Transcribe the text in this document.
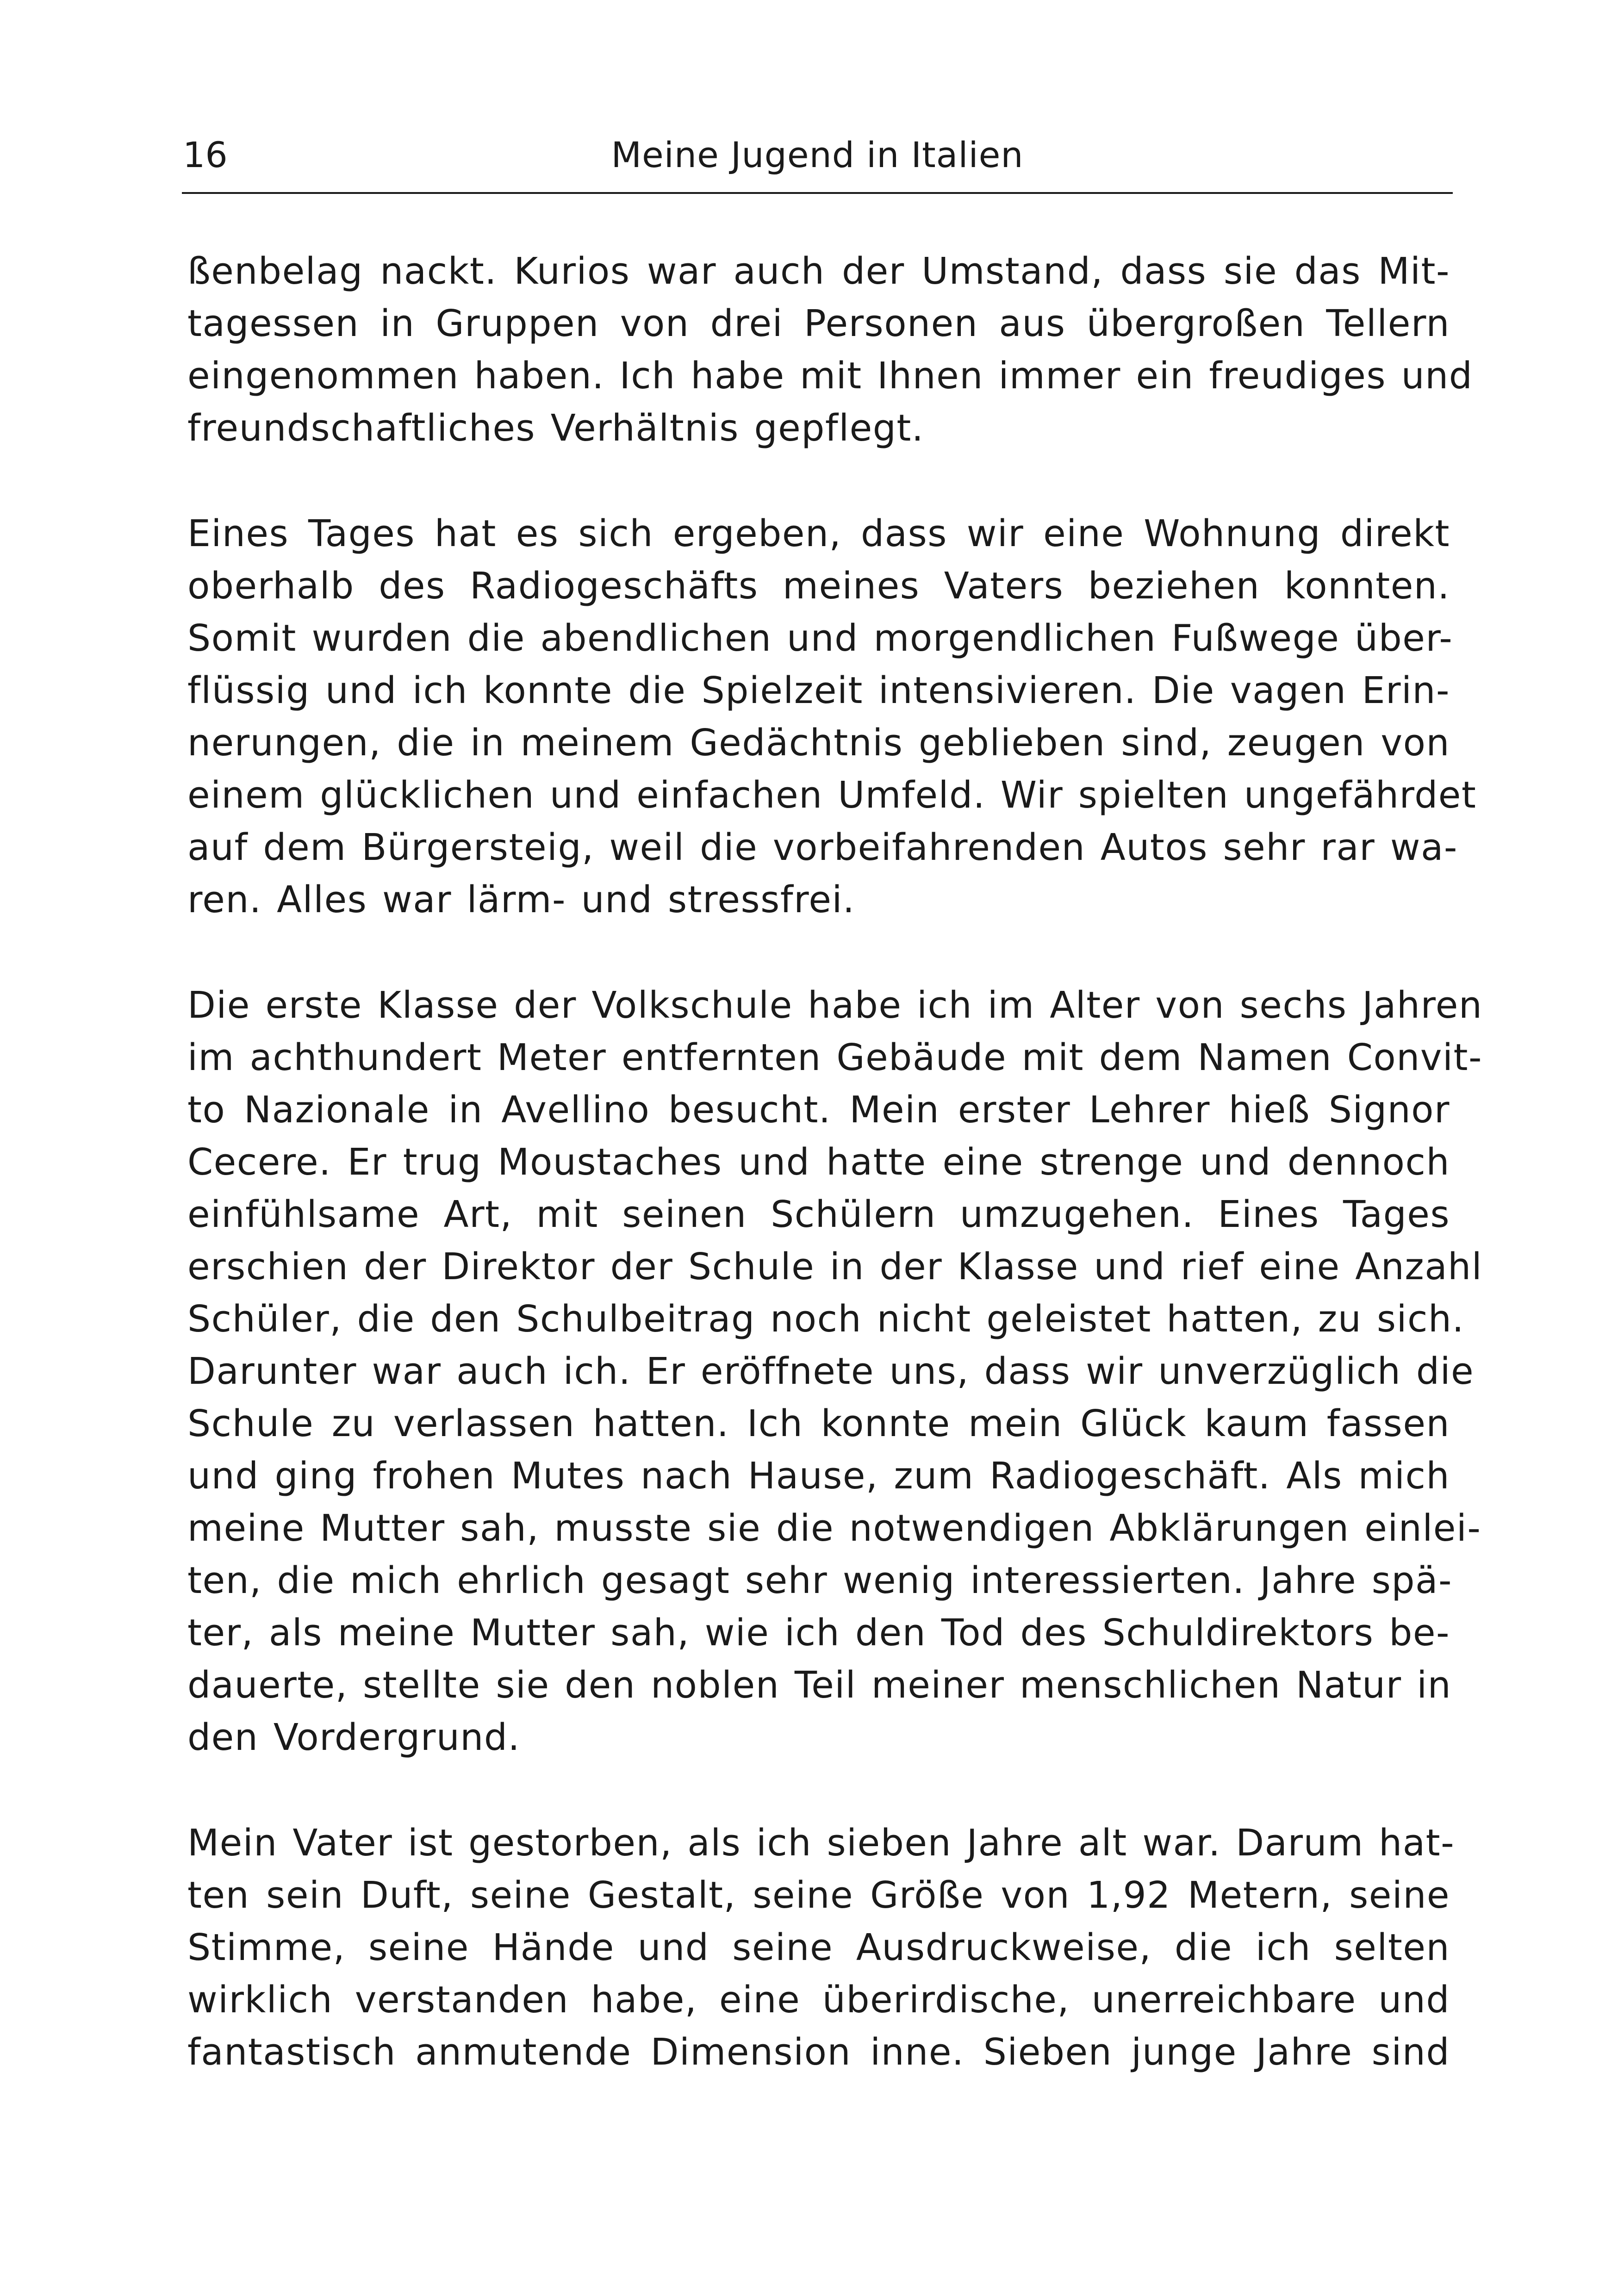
16	Meine Jugend in Italien

ßenbelag nackt. Kurios war auch der Umstand, dass sie das Mit-
tagessen in Gruppen von drei Personen aus übergroßen Tellern
eingenommen haben. Ich habe mit Ihnen immer ein freudiges und
freundschaftliches Verhältnis gepflegt.

Eines Tages hat es sich ergeben, dass wir eine Wohnung direkt
oberhalb des Radiogeschäfts meines Vaters beziehen konnten.
Somit wurden die abendlichen und morgendlichen Fußwege über-
flüssig und ich konnte die Spielzeit intensivieren. Die vagen Erin-
nerungen, die in meinem Gedächtnis geblieben sind, zeugen von
einem glücklichen und einfachen Umfeld. Wir spielten ungefährdet
auf dem Bürgersteig, weil die vorbeifahrenden Autos sehr rar wa-
ren. Alles war lärm- und stressfrei.

Die erste Klasse der Volkschule habe ich im Alter von sechs Jahren
im achthundert Meter entfernten Gebäude mit dem Namen Convit-
to Nazionale in Avellino besucht. Mein erster Lehrer hieß Signor
Cecere. Er trug Moustaches und hatte eine strenge und dennoch
einfühlsame Art, mit seinen Schülern umzugehen. Eines Tages
erschien der Direktor der Schule in der Klasse und rief eine Anzahl
Schüler, die den Schulbeitrag noch nicht geleistet hatten, zu sich.
Darunter war auch ich. Er eröffnete uns, dass wir unverzüglich die
Schule zu verlassen hatten. Ich konnte mein Glück kaum fassen
und ging frohen Mutes nach Hause, zum Radiogeschäft. Als mich
meine Mutter sah, musste sie die notwendigen Abklärungen einlei-
ten, die mich ehrlich gesagt sehr wenig interessierten. Jahre spä-
ter, als meine Mutter sah, wie ich den Tod des Schuldirektors be-
dauerte, stellte sie den noblen Teil meiner menschlichen Natur in
den Vordergrund.

Mein Vater ist gestorben, als ich sieben Jahre alt war. Darum hat-
ten sein Duft, seine Gestalt, seine Größe von 1,92 Metern, seine
Stimme, seine Hände und seine Ausdruckweise, die ich selten
wirklich verstanden habe, eine überirdische, unerreichbare und
fantastisch anmutende Dimension inne. Sieben junge Jahre sind
